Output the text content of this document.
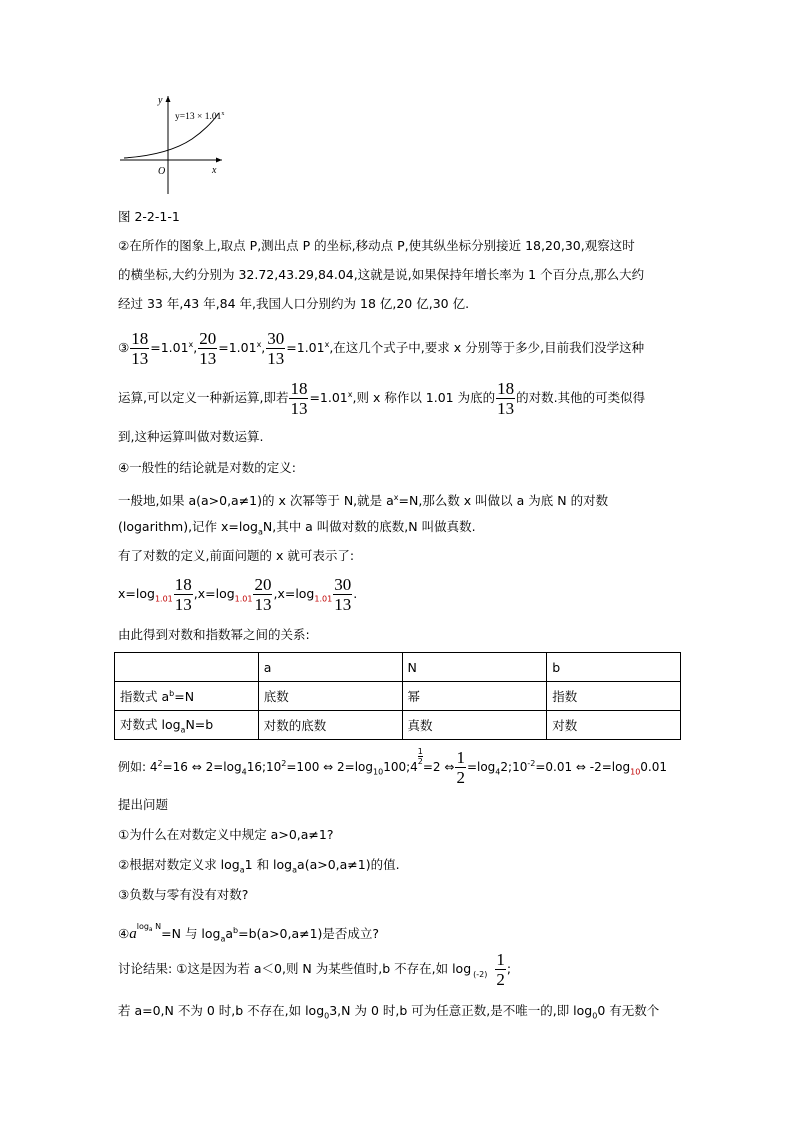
y
x
O
$y=13 \times 1.01^x$
图 2-2-1-1
②在所作的图象上,取点 P,测出点 P 的坐标,移动点 P,使其纵坐标分别接近 18,20,30,观察这时
的横坐标,大约分别为 32.72,43.29,84.04,这就是说,如果保持年增长率为 1 个百分点,那么大约
经过 33 年,43 年,84 年,我国人口分别约为 18 亿,20 亿,30 亿.
③ $\frac{18}{13} =1.01^x$, $\frac{20}{13} =1.01^x$, $\frac{30}{13} =1.01^x$,在这几个式子中,要求 x 分别等于多少,目前我们没学这种
运算,可以定义一种新运算,即若 $\frac{18}{13} =1.01^x$,则 x 称作以 1.01 为底的 $\frac{18}{13}$ 的对数.其他的可类似得
到,这种运算叫做对数运算.
④一般性的结论就是对数的定义:
一般地,如果 a(a>0,a≠1)的 x 次幂等于 N,就是 $a^x=N$,那么数 x 叫做以 a 为底 N 的对数
(logarithm),记作 $x=\log_aN$,其中 a 叫做对数的底数,N 叫做真数.
有了对数的定义,前面问题的 x 就可表示了:
$x=\log_{1.01} \frac{18}{13} ,x=\log_{1.01} \frac{20}{13} ,x=\log_{1.01} \frac{30}{13}$ .
由此得到对数和指数幂之间的关系:
	a	N	b
指数式 $a^b=N$	底数	幂	指数
对数式 $\log_aN=b$	对数的底数	真数	对数
例如: $4^2=16$ ⇔ $2=\log_416;10^2=100$ ⇔ $2=\log_{10}100;4$
$\frac{1}{2}$
=2 ⇔ $\frac{1}{2}$ $=\log_42;10^{-2}=0.01$ ⇔ $-2=\log_{10}0.01$
提出问题
①为什么在对数定义中规定 a>0,a≠1?
②根据对数定义求 $\log_a1$ 和 $\log_aa(a>0,a\ne 1)$的值.
③负数与零有没有对数?
$④a^{log_a N}=N$ 与 $\log_aa^b=b(a>0,a\ne 1)$是否成立?
讨论结果: ①这是因为若 a＜0,则 N 为某些值时,b 不存在,如 $\log _{(-2)} \frac{1}{2}$ ;
若 a=0,N 不为 0 时,b 不存在,如 $\log_03,N$ 为 0 时,b 可为任意正数,是不唯一的,即 $\log_00$ 有无数个
